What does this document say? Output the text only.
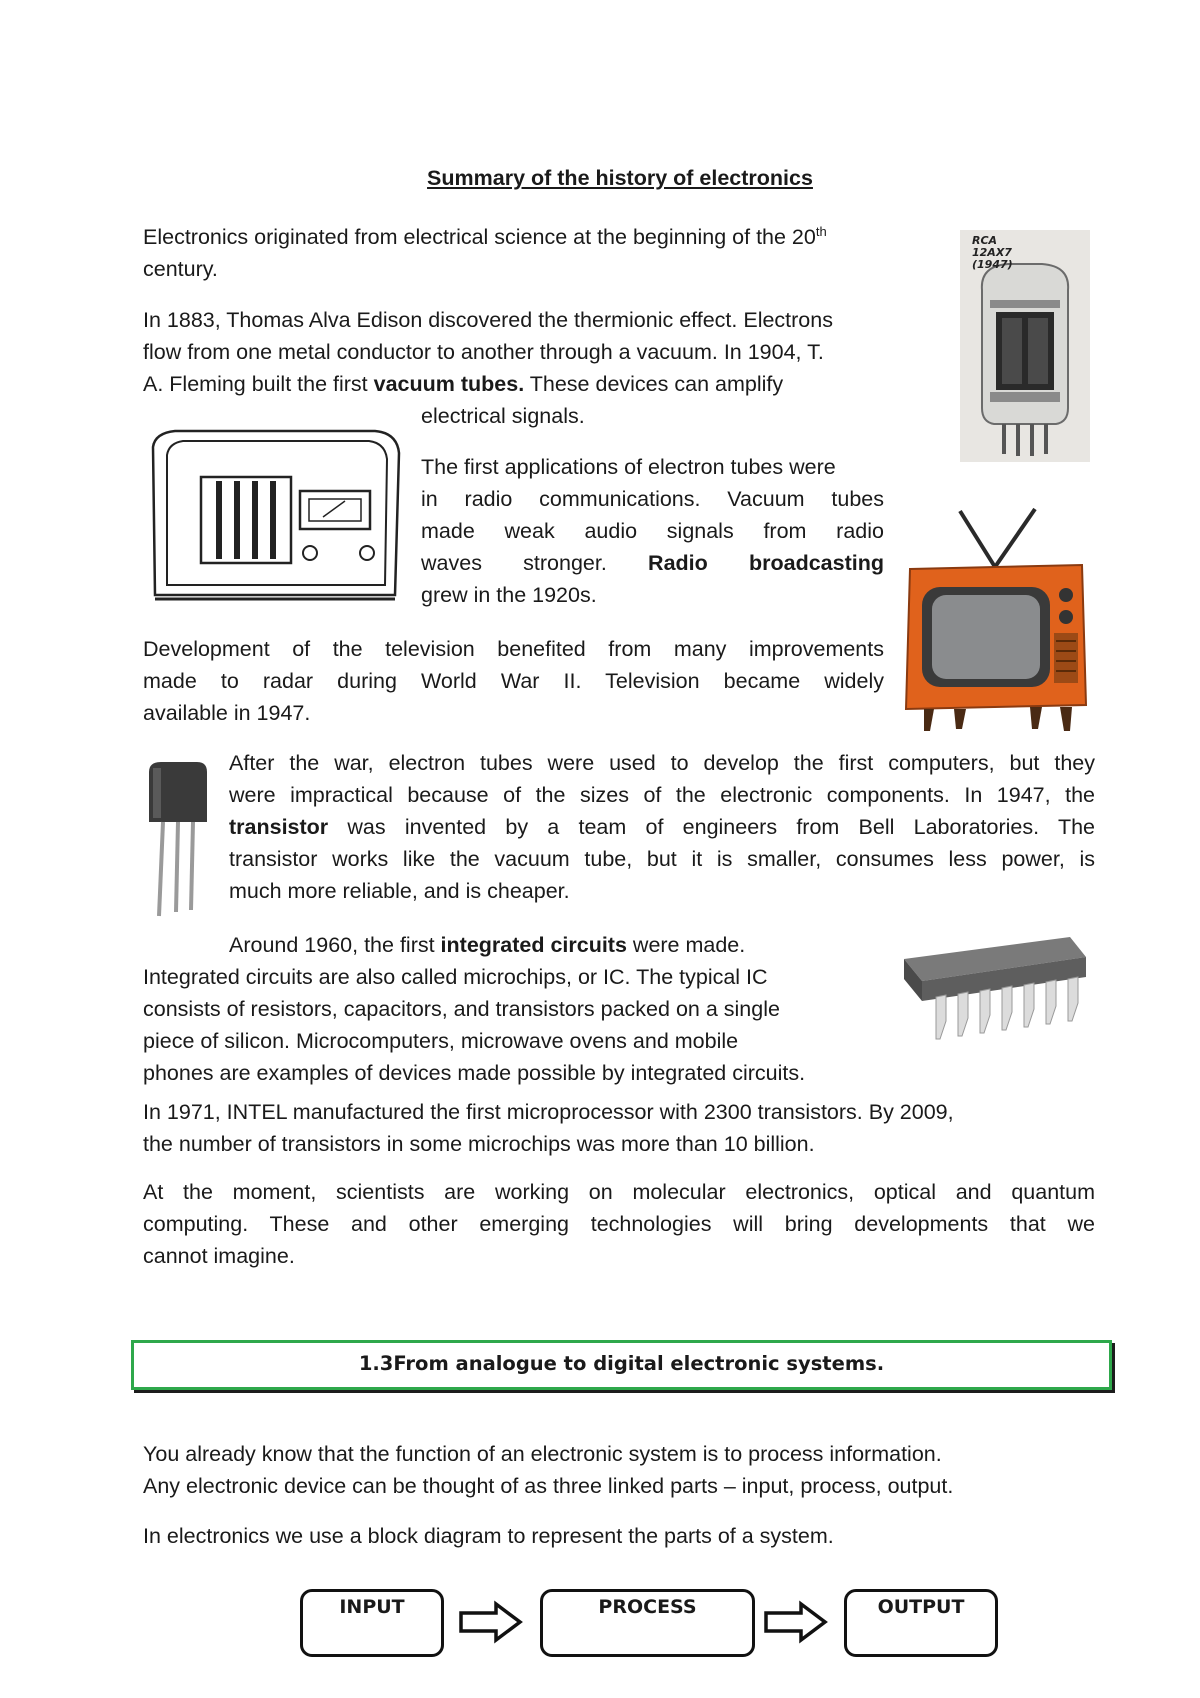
Summary of the history of electronics

Electronics originated from electrical science at the beginning of the 20th
century.

In 1883, Thomas Alva Edison discovered the thermionic effect. Electrons
flow from one metal conductor to another through a vacuum. In 1904, T.
A. Fleming built the first vacuum tubes. These devices can amplify

electrical signals.

The first applications of electron tubes were

in radio communications. Vacuum tubes

made weak audio signals from radio

waves stronger. Radio broadcasting

grew in the 1920s.

Development of the television benefited from many improvements

made to radar during World War II. Television became widely

available in 1947.

After the war, electron tubes were used to develop the first computers, but they

were impractical because of the sizes of the electronic components. In 1947, the

transistor was invented by a team of engineers from Bell Laboratories. The

transistor works like the vacuum tube, but it is smaller, consumes less power, is

much more reliable, and is cheaper.

Around 1960, the first integrated circuits were made.

Integrated circuits are also called microchips, or IC. The typical IC

consists of resistors, capacitors, and transistors packed on a single

piece of silicon. Microcomputers, microwave ovens and mobile

phones are examples of devices made possible by integrated circuits.

In 1971, INTEL manufactured the first microprocessor with 2300 transistors. By 2009,

the number of transistors in some microchips was more than 10 billion.

At the moment, scientists are working on molecular electronics, optical and quantum

computing. These and other emerging technologies will bring developments that we

cannot imagine.

1.3From analogue to digital electronic systems.

You already know that the function of an electronic system is to process information.

Any electronic device can be thought of as three linked parts – input, process, output.

In electronics we use a block diagram to represent the parts of a system.

INPUT	PROCESS	OUTPUT
RCA
12AX7
(1947)
